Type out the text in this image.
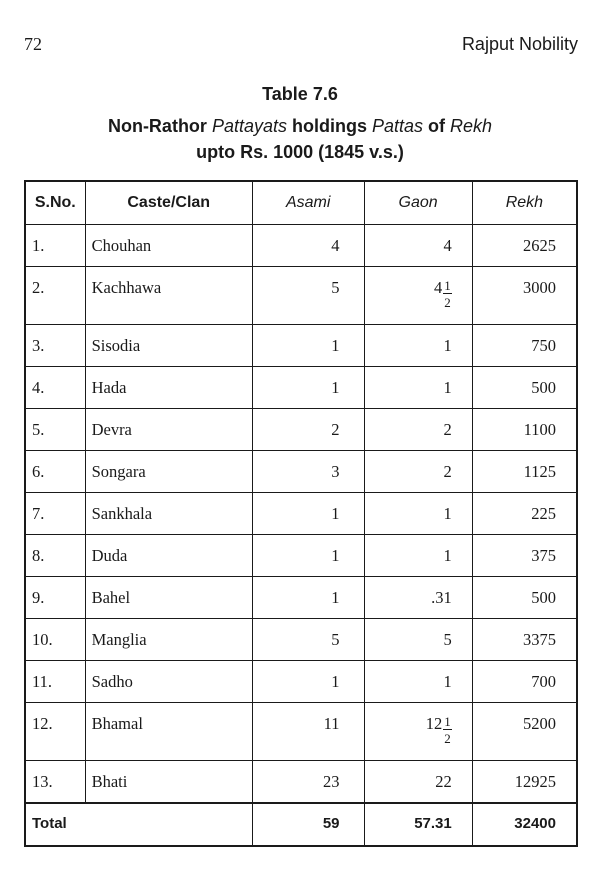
72	Rajput Nobility
Table 7.6
Non-Rathor Pattayats holdings Pattas of Rekh
upto Rs. 1000 (1845 v.s.)
S.No.	Caste/Clan	Asami	Gaon	Rekh
1.	Chouhan	4	4	2625
2.	Kachhawa	5	$4 \frac{1}{2}$	3000
3.	Sisodia	1	1	750
4.	Hada	1	1	500
5.	Devra	2	2	1100
6.	Songara	3	2	1125
7.	Sankhala	1	1	225
8.	Duda	1	1	375
9.	Bahel	1	.31	500
10.	Manglia	5	5	3375
11.	Sadho	1	1	700
12.	Bhamal	11	$12 \frac{1}{2}$	5200
13.	Bhati	23	22	12925
Total		59	57.31	32400
